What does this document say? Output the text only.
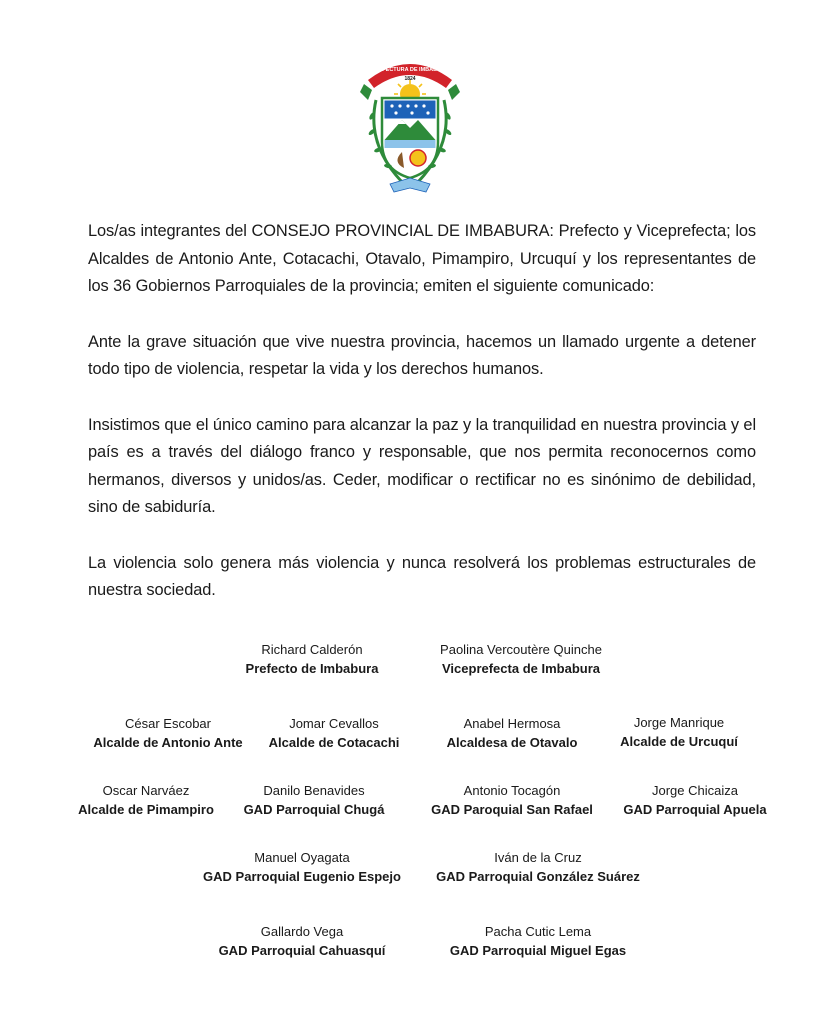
PREFECTURA DE IMBABURA
1824

Los/as integrantes del CONSEJO PROVINCIAL DE IMBABURA: Prefecto y Viceprefecta; los Alcaldes de Antonio Ante, Cotacachi, Otavalo, Pimampiro, Urcuquí y los representantes de los 36 Gobiernos Parroquiales de la provincia; emiten el siguiente comunicado:

Ante la grave situación que vive nuestra provincia, hacemos un llamado urgente a detener todo tipo de violencia, respetar la vida y los derechos humanos.

Insistimos que el único camino para alcanzar la paz y la tranquilidad en nuestra provincia y el país es a través del diálogo franco y responsable, que nos permita reconocernos como hermanos, diversos y unidos/as. Ceder, modificar o rectificar no es sinónimo de debilidad, sino de sabiduría.

La violencia solo genera más violencia y nunca resolverá los problemas estructurales de nuestra sociedad.

Richard Calderón
Prefecto de Imbabura
Paolina Vercoutère Quinche
Viceprefecta de Imbabura
César Escobar
Alcalde de Antonio Ante
Jomar Cevallos
Alcalde de Cotacachi
Anabel Hermosa
Alcaldesa de Otavalo
Jorge Manrique
Alcalde de Urcuquí
Oscar Narváez
Alcalde de Pimampiro
Danilo Benavides
GAD Parroquial Chugá
Antonio Tocagón
GAD Paroquial San Rafael
Jorge Chicaiza
GAD Parroquial Apuela
Manuel Oyagata
GAD Parroquial Eugenio Espejo
Iván de la Cruz
GAD Parroquial González Suárez
Gallardo Vega
GAD Parroquial Cahuasquí
Pacha Cutic Lema
GAD Parroquial Miguel Egas
